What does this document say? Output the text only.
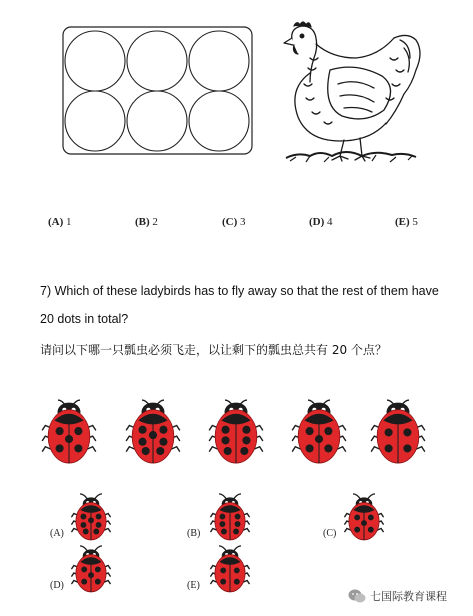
(A) 1	(B) 2	(C) 3	(D) 4	(E) 5
7) Which of these ladybirds has to fly away so that the rest of them have
20 dots in total?
请问以下哪一只瓢虫必须飞走，以让剩下的瓢虫总共有 20 个点？
(A)	(B)	(C)
(D)	(E)
七国际教育课程
